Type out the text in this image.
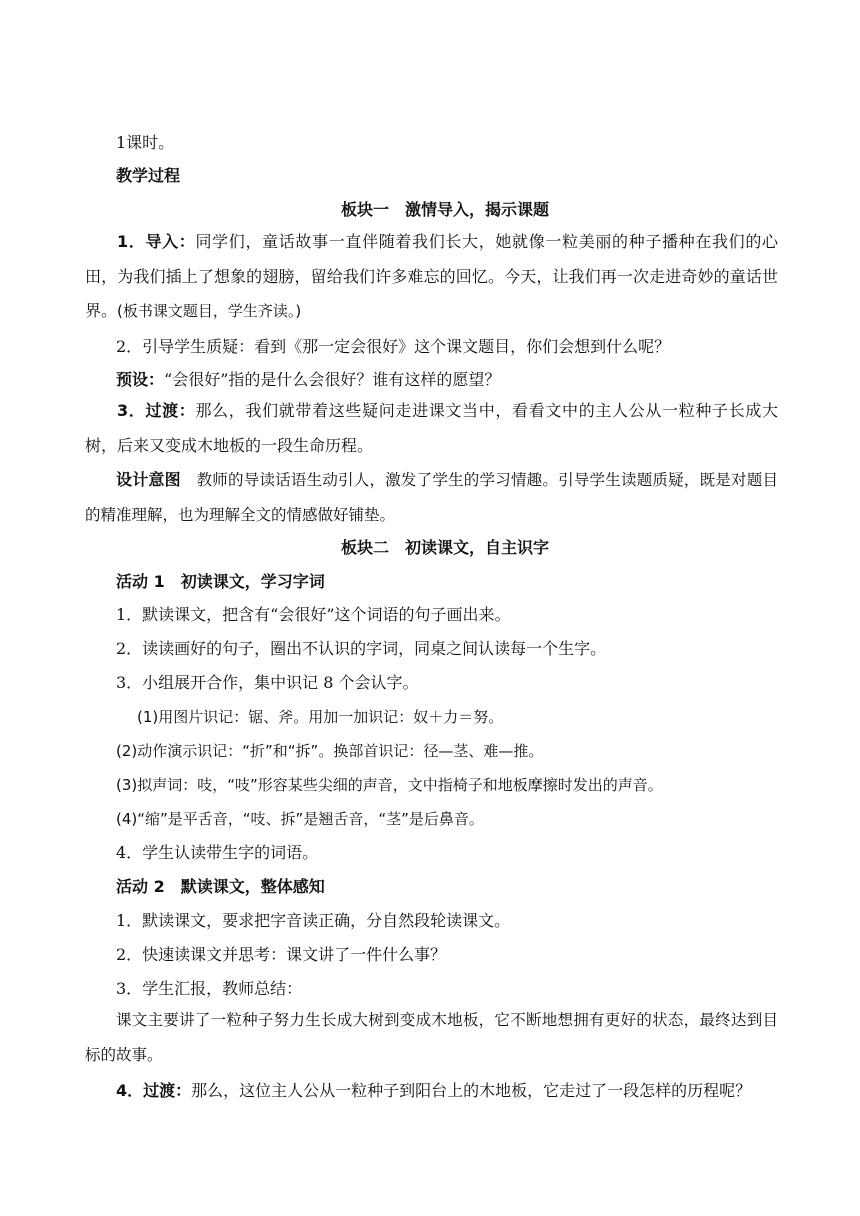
1课时。
教学过程
板块一　激情导入，揭示课题
1．导入：同学们，童话故事一直伴随着我们长大，她就像一粒美丽的种子播种在我们的心田，为我们插上了想象的翅膀，留给我们许多难忘的回忆。今天，让我们再一次走进奇妙的童话世界。(板书课文题目，学生齐读。)
2．引导学生质疑：看到《那一定会很好》这个课文题目，你们会想到什么呢？
预设：“会很好”指的是什么会很好？谁有这样的愿望？
3．过渡：那么，我们就带着这些疑问走进课文当中，看看文中的主人公从一粒种子长成大树，后来又变成木地板的一段生命历程。
设计意图　 教师的导读话语生动引人，激发了学生的学习情趣。引导学生读题质疑，既是对题目的精准理解，也为理解全文的情感做好铺垫。
板块二　初读课文，自主识字
活动 1　初读课文，学习字词
1．默读课文，把含有“会很好”这个词语的句子画出来。
2．读读画好的句子，圈出不认识的字词，同桌之间认读每一个生字。
3．小组展开合作，集中识记 8 个会认字。
(1)用图片识记：锯、斧。用加一加识记：奴＋力＝努。
(2)动作演示识记：“折”和“拆”。换部首识记：径—茎、难—推。
(3)拟声词：吱，“吱”形容某些尖细的声音，文中指椅子和地板摩擦时发出的声音。
(4)“缩”是平舌音，“吱、拆”是翘舌音，“茎”是后鼻音。
4．学生认读带生字的词语。
活动 2　默读课文，整体感知
1．默读课文，要求把字音读正确，分自然段轮读课文。
2．快速读课文并思考：课文讲了一件什么事？
3．学生汇报，教师总结：
课文主要讲了一粒种子努力生长成大树到变成木地板，它不断地想拥有更好的状态，最终达到目标的故事。
4．过渡：那么，这位主人公从一粒种子到阳台上的木地板，它走过了一段怎样的历程呢？
